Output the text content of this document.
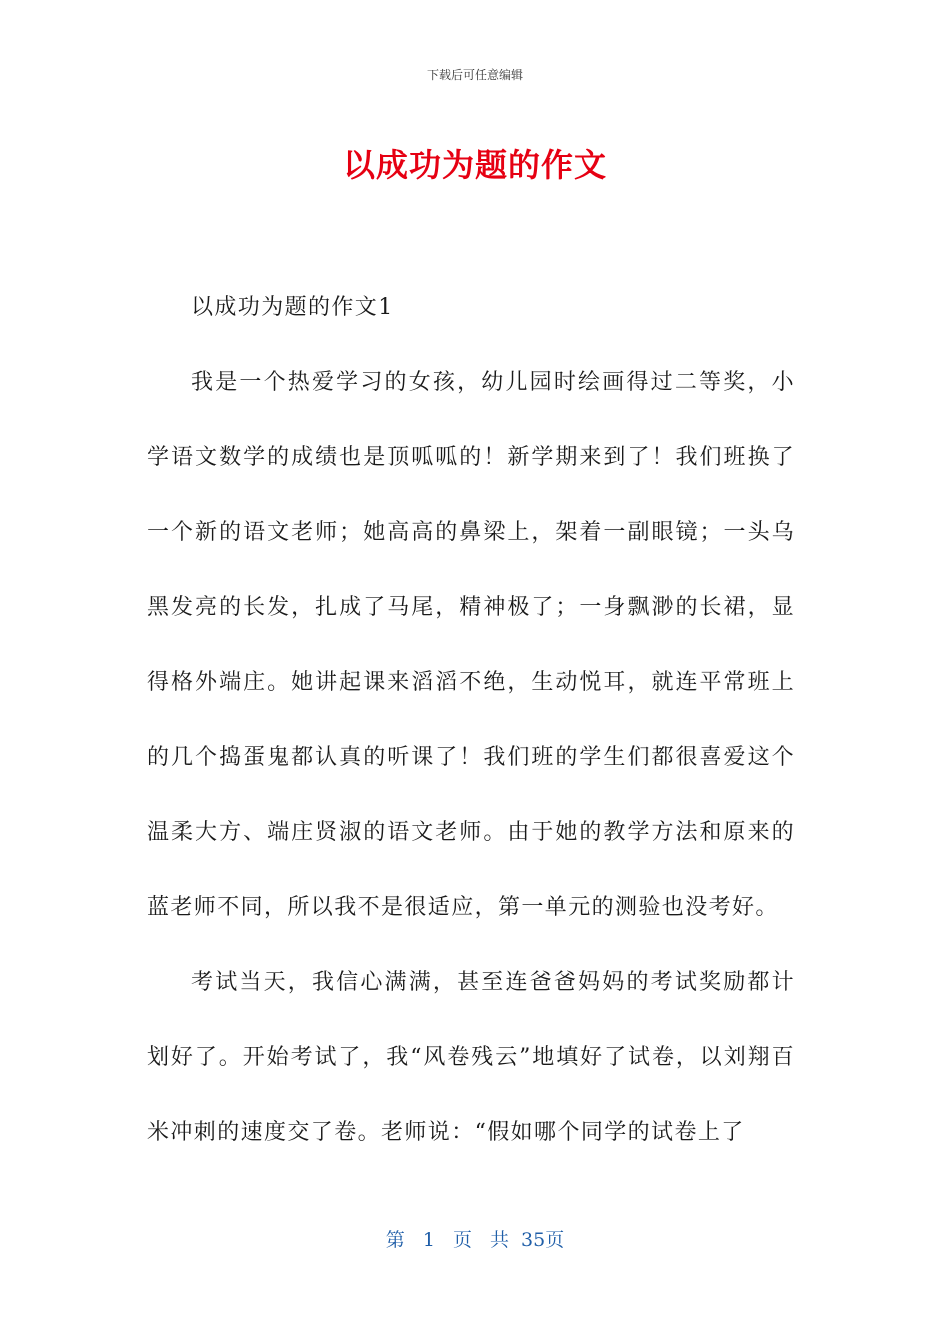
下载后可任意编辑
以成功为题的作文

以成功为题的作文1

我是一个热爱学习的女孩，幼儿园时绘画得过二等奖，小学语文数学的成绩也是顶呱呱的！新学期来到了！我们班换了一个新的语文老师；她高高的鼻梁上，架着一副眼镜；一头乌黑发亮的长发，扎成了马尾，精神极了；一身飘渺的长裙，显得格外端庄。她讲起课来滔滔不绝，生动悦耳，就连平常班上的几个捣蛋鬼都认真的听课了！我们班的学生们都很喜爱这个温柔大方、端庄贤淑的语文老师。由于她的教学方法和原来的蓝老师不同，所以我不是很适应，第一单元的测验也没考好。

考试当天，我信心满满，甚至连爸爸妈妈的考试奖励都计划好了。开始考试了，我“风卷残云”地填好了试卷，以刘翔百米冲刺的速度交了卷。老师说：“假如哪个同学的试卷上了

第 1 页 共 35页
